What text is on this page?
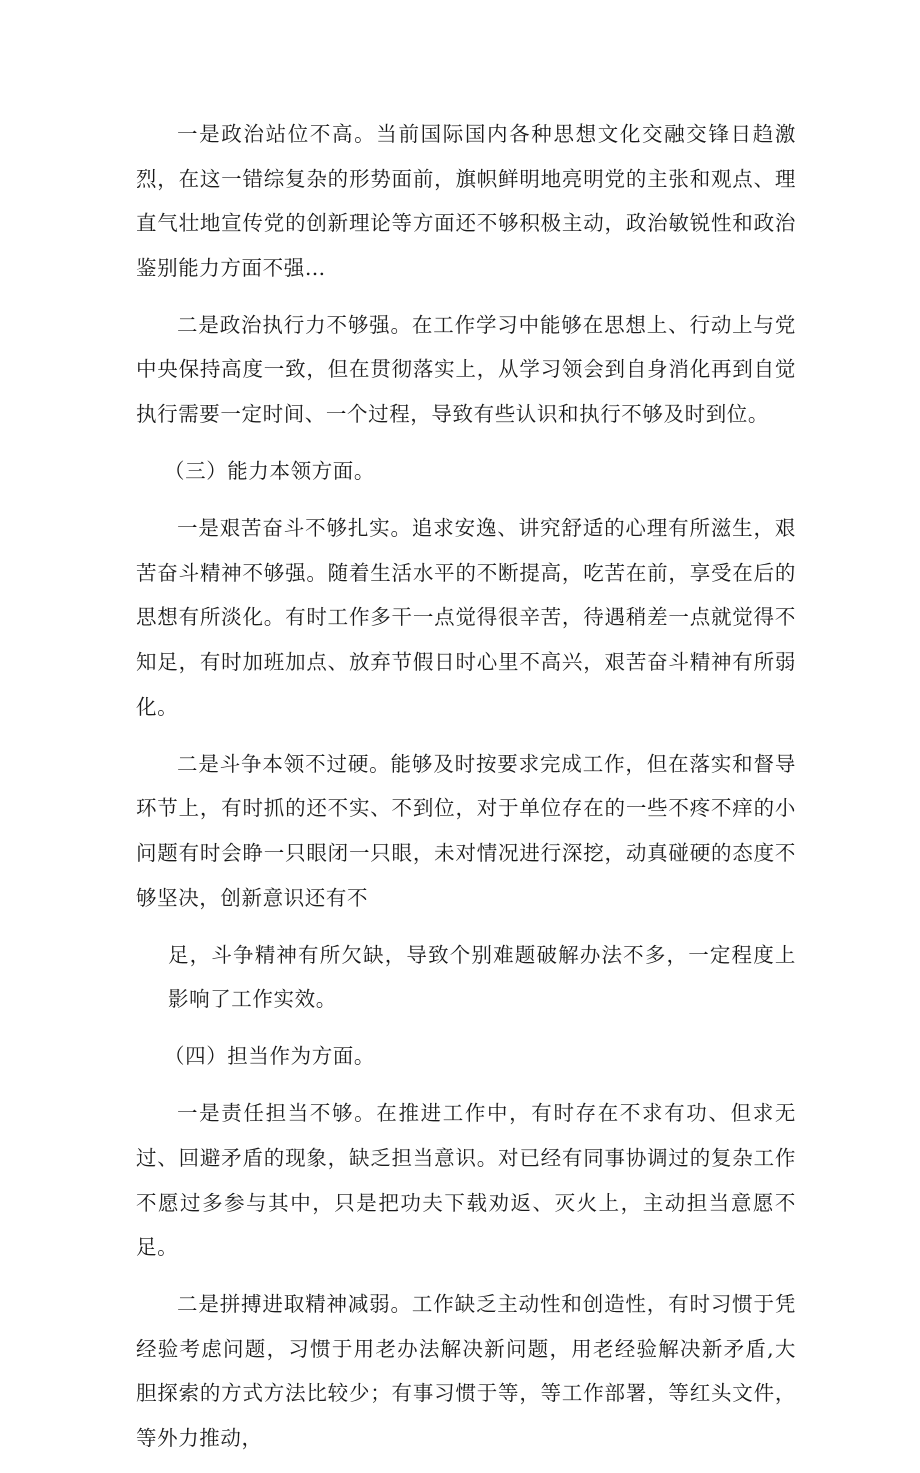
一是政治站位不高。当前国际国内各种思想文化交融交锋日趋激烈，在这一错综复杂的形势面前，旗帜鲜明地亮明党的主张和观点、理直气壮地宣传党的创新理论等方面还不够积极主动，政治敏锐性和政治鉴别能力方面不强…

二是政治执行力不够强。在工作学习中能够在思想上、行动上与党中央保持高度一致，但在贯彻落实上，从学习领会到自身消化再到自觉执行需要一定时间、一个过程，导致有些认识和执行不够及时到位。

（三）能力本领方面。

一是艰苦奋斗不够扎实。追求安逸、讲究舒适的心理有所滋生，艰苦奋斗精神不够强。随着生活水平的不断提高，吃苦在前，享受在后的思想有所淡化。有时工作多干一点觉得很辛苦，待遇稍差一点就觉得不知足，有时加班加点、放弃节假日时心里不高兴，艰苦奋斗精神有所弱化。

二是斗争本领不过硬。能够及时按要求完成工作，但在落实和督导环节上，有时抓的还不实、不到位，对于单位存在的一些不疼不痒的小问题有时会睁一只眼闭一只眼，未对情况进行深挖，动真碰硬的态度不够坚决，创新意识还有不

足，斗争精神有所欠缺，导致个别难题破解办法不多，一定程度上影响了工作实效。

（四）担当作为方面。

一是责任担当不够。在推进工作中，有时存在不求有功、但求无过、回避矛盾的现象，缺乏担当意识。对已经有同事协调过的复杂工作不愿过多参与其中，只是把功夫下载劝返、灭火上，主动担当意愿不足。

二是拼搏进取精神减弱。工作缺乏主动性和创造性，有时习惯于凭经验考虑问题，习惯于用老办法解决新问题，用老经验解决新矛盾,大胆探索的方式方法比较少；有事习惯于等，等工作部署，等红头文件，等外力推动，
